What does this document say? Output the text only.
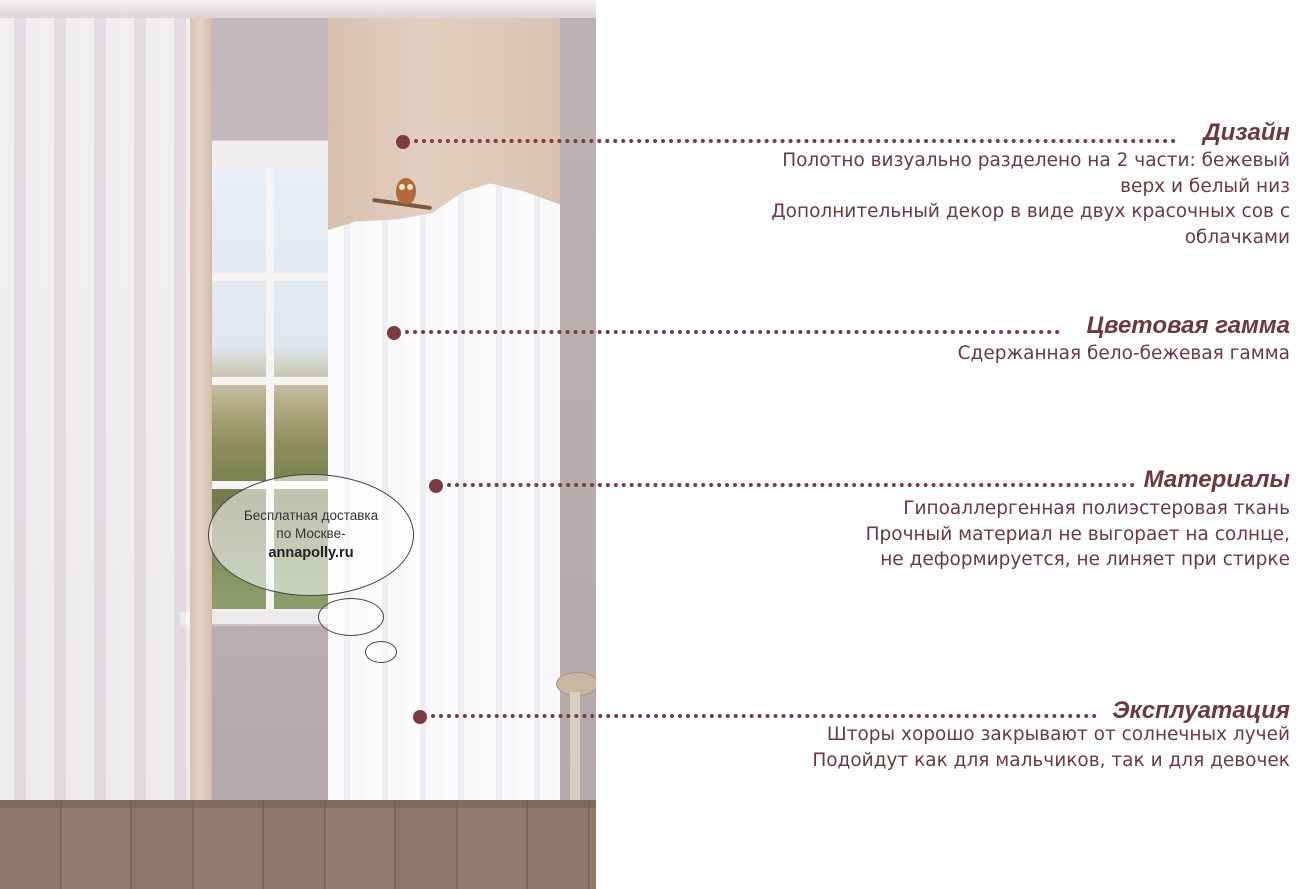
Бесплатная доставка
по Москве-
annapolly.ru
Дизайн
Полотно визуально разделено на 2 части: бежевый
верх и белый низ
Дополнительный декор в виде двух красочных сов с
облачками
Цветовая гамма
Сдержанная бело-бежевая гамма
Материалы
Гипоаллергенная полиэстеровая ткань
Прочный материал не выгорает на солнце,
не деформируется, не линяет при стирке
Эксплуатация
Шторы хорошо закрывают от солнечных лучей
Подойдут как для мальчиков, так и для девочек
